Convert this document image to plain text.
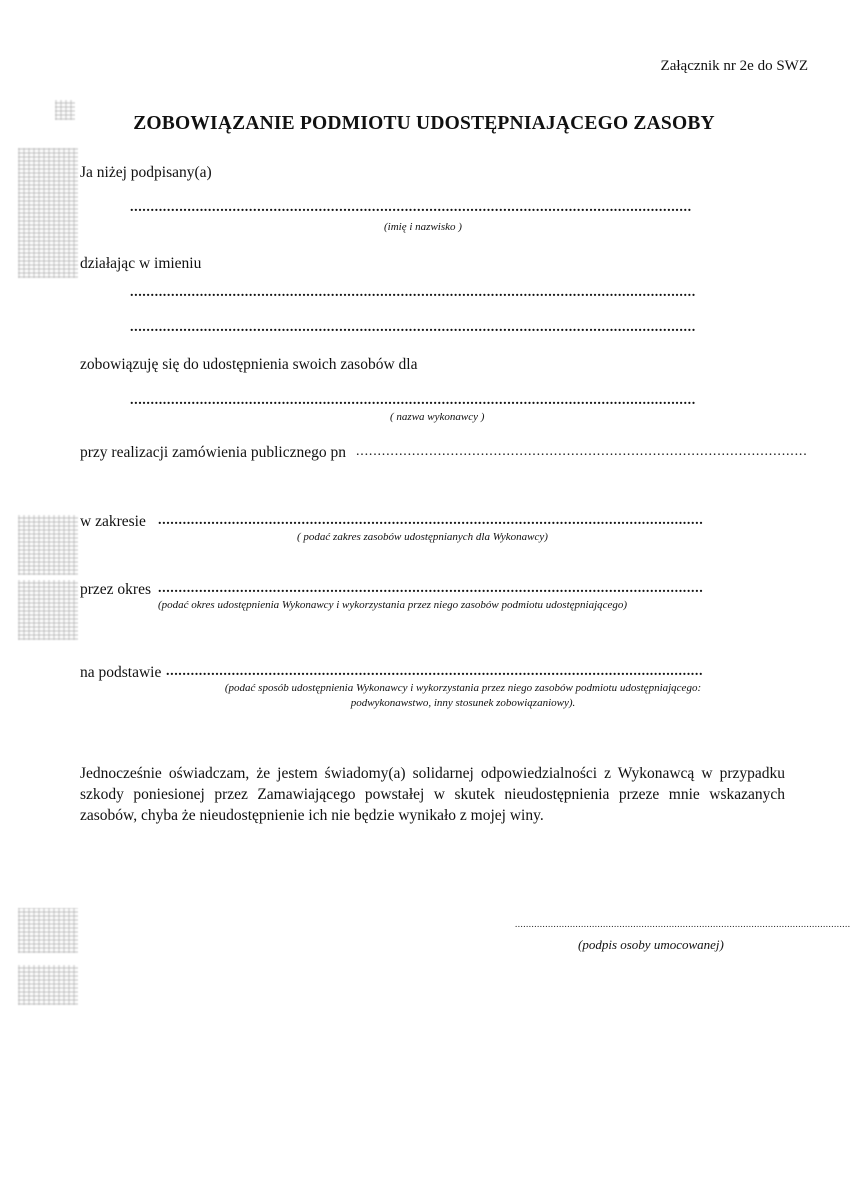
Załącznik nr 2e do SWZ
ZOBOWIĄZANIE PODMIOTU UDOSTĘPNIAJĄCEGO ZASOBY
Ja niżej podpisany(a)
.........................................................................................................................................
(imię i nazwisko )
działając w imieniu
..........................................................................................................................................
..........................................................................................................................................
zobowiązuję się do udostępnienia swoich zasobów dla
..........................................................................................................................................
( nazwa wykonawcy )
przy realizacji zamówienia publicznego pn .........................................................................................................
w zakresie .....................................................................................................................................
( podać zakres zasobów udostępnianych dla Wykonawcy)
przez okres .....................................................................................................................................
(podać okres udostępnienia Wykonawcy i wykorzystania przez niego zasobów podmiotu udostępniającego)
na podstawie ...................................................................................................................................
(podać sposób udostępnienia Wykonawcy i wykorzystania przez niego zasobów podmiotu udostępniającego:
podwykonawstwo, inny stosunek zobowiązaniowy).
Jednocześnie oświadczam, że jestem świadomy(a) solidarnej odpowiedzialności z Wykonawcą w przypadku szkody poniesionej przez Zamawiającego powstałej w skutek nieudostępnienia przeze mnie wskazanych zasobów, chyba że nieudostępnienie ich nie będzie wynikało z mojej winy.
..........................................................................................................................
(podpis osoby umocowanej)
